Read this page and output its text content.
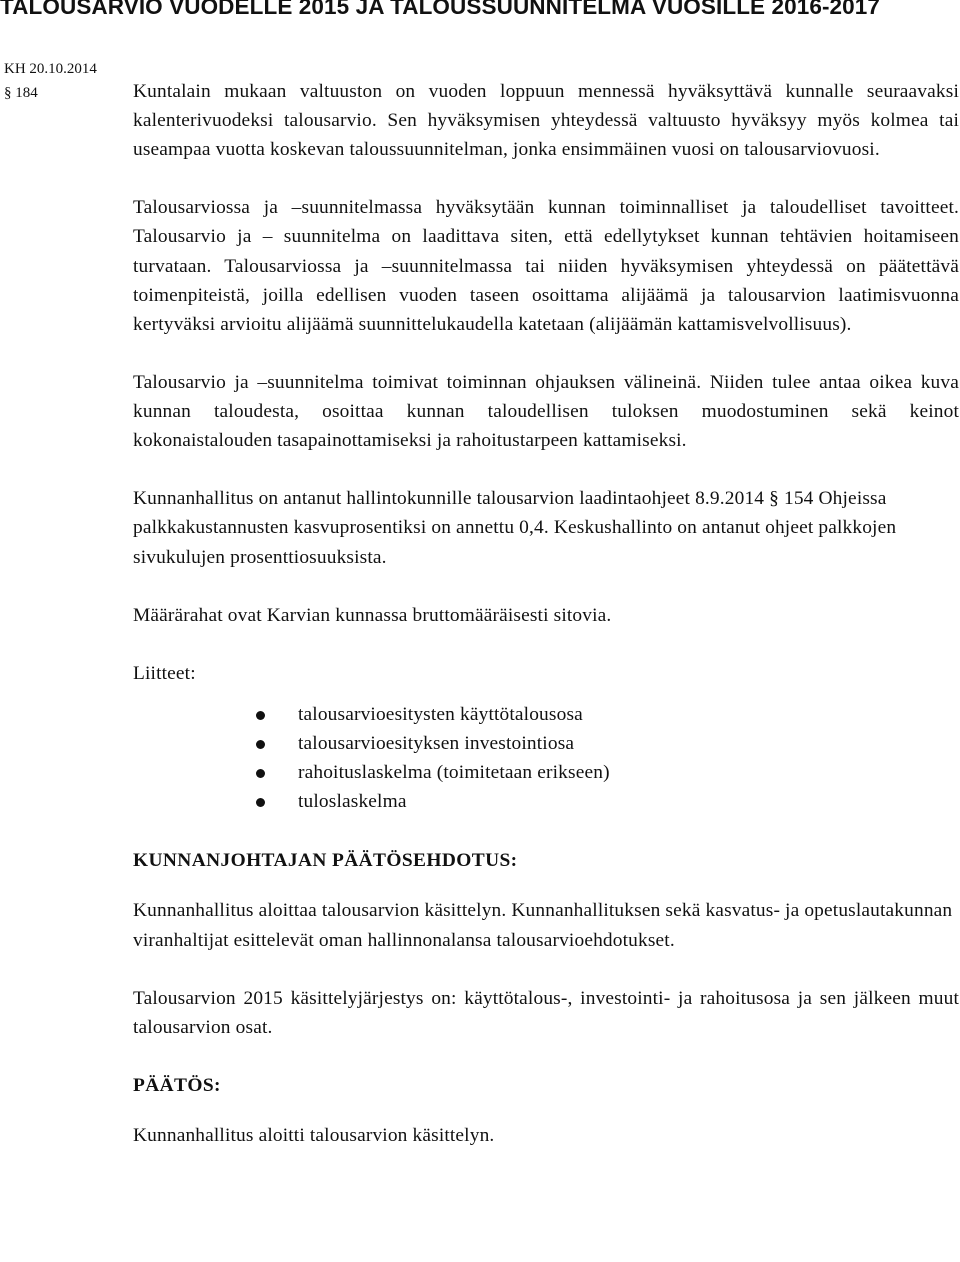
TALOUSARVIO VUODELLE 2015 JA TALOUSSUUNNITELMA VUOSILLE 2016-2017
KH 20.10.2014
§ 184	Kuntalain mukaan valtuuston on vuoden loppuun mennessä hyväksyttävä kunnalle seuraavaksi kalenterivuodeksi talousarvio. Sen hyväksymisen yhteydessä valtuusto hyväksyy myös kolmea tai useampaa vuotta koskevan taloussuunnitelman, jonka ensimmäinen vuosi on talousarviovuosi.

Talousarviossa ja –suunnitelmassa hyväksytään kunnan toiminnalliset ja taloudelliset tavoitteet. Talousarvio ja – suunnitelma on laadittava siten, että edellytykset kunnan tehtävien hoitamiseen turvataan. Talousarviossa ja –suunnitelmassa tai niiden hyväksymisen yhteydessä on päätettävä toimenpiteistä, joilla edellisen vuoden taseen osoittama alijäämä ja talousarvion laatimisvuonna kertyväksi arvioitu alijäämä suunnittelukaudella katetaan (alijäämän kattamisvelvollisuus).

Talousarvio ja –suunnitelma toimivat toiminnan ohjauksen välineinä. Niiden tulee antaa oikea kuva kunnan taloudesta, osoittaa kunnan taloudellisen tuloksen muodostuminen sekä keinot kokonaistalouden tasapainottamiseksi ja rahoitustarpeen kattamiseksi.

Kunnanhallitus on antanut hallintokunnille talousarvion laadintaohjeet 8.9.2014 § 154 Ohjeissa palkkakustannusten kasvuprosentiksi on annettu 0,4. Keskushallinto on antanut ohjeet palkkojen sivukulujen prosenttiosuuksista.

Määrärahat ovat Karvian kunnassa bruttomääräisesti sitovia.

Liitteet:
talousarvioesitysten käyttötalousosa
talousarvioesityksen investointiosa
rahoituslaskelma (toimitetaan erikseen)
tuloslaskelma

KUNNANJOHTAJAN PÄÄTÖSEHDOTUS:

Kunnanhallitus aloittaa talousarvion käsittelyn. Kunnanhallituksen sekä kasvatus- ja opetuslautakunnan viranhaltijat esittelevät oman hallinnonalansa talousarvioehdotukset.

Talousarvion 2015 käsittelyjärjestys on: käyttötalous-, investointi- ja rahoitusosa ja sen jälkeen muut talousarvion osat.

PÄÄTÖS:

Kunnanhallitus aloitti talousarvion käsittelyn.
